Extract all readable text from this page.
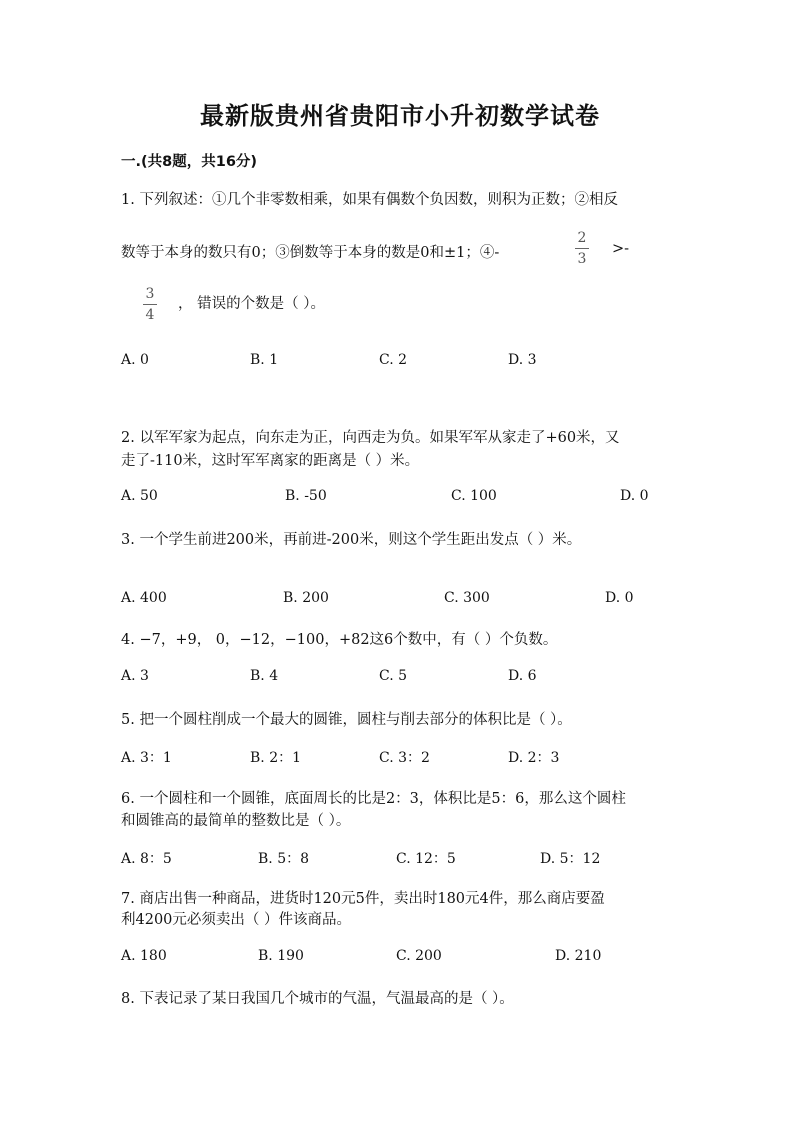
最新版贵州省贵阳市小升初数学试卷
一.(共8题，共16分)
1. 下列叙述：①几个非零数相乘，如果有偶数个负因数，则积为正数；②相反
数等于本身的数只有0；③倒数等于本身的数是0和±1；④-
2
3
>-
3
4
， 错误的个数是（ ）。
A. 0	B. 1	C. 2	D. 3
2. 以军军家为起点，向东走为正，向西走为负。如果军军从家走了+60米，又
走了-110米，这时军军离家的距离是（ ）米。
A. 50	B. -50	C. 100	D. 0
3. 一个学生前进200米，再前进-200米，则这个学生距出发点（ ）米。
A. 400	B. 200	C. 300	D. 0
4. −7，+9， 0，−12，−100，+82这6个数中，有（ ）个负数。
A. 3	B. 4	C. 5	D. 6
5. 把一个圆柱削成一个最大的圆锥，圆柱与削去部分的体积比是（ ）。
A. 3：1	B. 2：1	C. 3：2	D. 2：3
6. 一个圆柱和一个圆锥，底面周长的比是2：3，体积比是5：6，那么这个圆柱
和圆锥高的最简单的整数比是（ ）。
A. 8：5	B. 5：8	C. 12：5	D. 5：12
7. 商店出售一种商品，进货时120元5件，卖出时180元4件，那么商店要盈
利4200元必须卖出（ ）件该商品。
A. 180	B. 190	C. 200	D. 210
8. 下表记录了某日我国几个城市的气温，气温最高的是（ ）。
